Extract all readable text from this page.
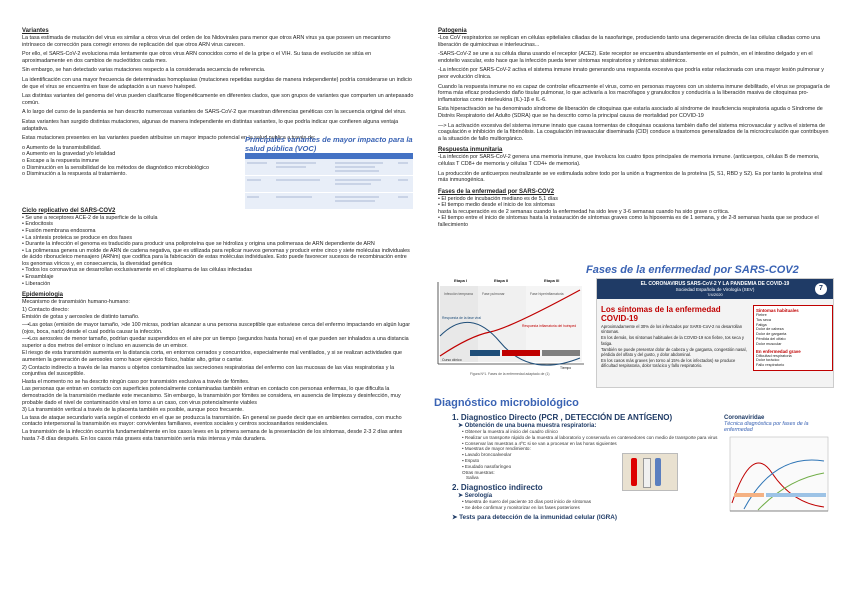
Variantes

La tasa estimada de mutación del virus es similar a otros virus del orden de los Nidovirales para menor que otros ARN virus ya que poseen un mecanismo intrínseco de corrección para corregir errores de replicación del que otros ARN virus carecen.

Por ello, el SARS-CoV-2 evoluciona más lentamente que otros virus ARN conocidos como el de la gripe o el VIH. Su tasa de evolución se sitúa en aproximadamente en dos cambios de nucleótidos cada mes.

Sin embargo, se han detectado varias mutaciones respecto a la considerada secuencia de referencia.

La identificación con una mayor frecuencia de determinadas homoplasias (mutaciones repetidas surgidas de manera independiente) podría considerarse un indicio de que el virus se encuentra en fase de adaptación a un nuevo huésped.

Las distintas variantes del genoma del virus pueden clasificarse filogenéticamente en diferentes clados, que son grupos de variantes que comparten un antepasado común.

A lo largo del curso de la pandemia se han descrito numerosas variantes de SARS-CoV-2 que muestran diferencias genéticas con la secuencia original del virus.

Estas variantes han surgido distintas mutaciones, algunas de manera independiente en distintas variantes, lo que podría indicar que confieren alguna ventaja adaptativa.

Estas mutaciones presentes en las variantes pueden atribuirse un mayor impacto potencial en la salud publica a través de:

o Aumento de la transmisibilidad.

o Aumento en la gravedad y/o letalidad

o Escape a la respuesta inmune

o Disminución en la sensibilidad de los métodos de diagnóstico microbiológico

o Disminución a la respuesta al tratamiento.

Principales variantes de mayor impacto para la salud pública (VOC)

Ciclo replicativo del SARS-COV2

• Se une a receptores ACE-2 de la superficie de la célula

• Endocitosis

• Fusión membrana endosoma

• La síntesis proteica se produce en dos fases

• Durante la infección el genoma es traducido para producir una poliproteína que se hidroliza y origina una polimerasa de ARN dependiente de ARN

• La polimerasa genera un molde de ARN de cadena negativa, que es utilizada para replicar nuevos genomas y producir entre cinco y siete moléculas individuales de ácido ribonucleico mensajero (ARNm) que codifica para la fabricación de estas moléculas individuales. Esto puede favorecer sucesos de recombinación entre los genomas víricos y, en consecuencia, la diversidad genética

• Todos los coronavirus se desarrollan exclusivamente en el citoplasma de las células infectadas

• Ensamblaje

• Liberación

Epidemiologia

Mecanismo de transmisión humano-humano:

1) Contacto directo:

Emisión de gotas y aerosoles de distinto tamaño.

—•Las gotas (emisión de mayor tamaño, >de 100 micras, podrían alcanzar a una persona susceptible que estuviese cerca del enfermo impactando en algún lugar (ojos, boca, nariz) desde el cual podría causar la infección.

—•Los aerosoles de menor tamaño, podrían quedar suspendidos en el aire por un tiempo (segundos hasta horas) en el que pueden ser inhalados a una distancia superior a dos metros del emisor o incluso en ausencia de un emisor.

El riesgo de esta transmisión aumenta en la distancia corta, en entornos cerrados y concurridos, especialmente mal ventilados, y si se realizan actividades que aumenten la generación de aerosoles como hacer ejercicio físico, hablar alto, gritar o cantar.

2) Contacto indirecto a través de las manos u objetos contaminados las secreciones respiratorias del enfermo con las mucosas de las vías respiratorias y la conjuntiva del susceptible.

Hasta el momento no se ha descrito ningún caso por transmisión exclusiva a través de fómites.

Las personas que entran en contacto con superficies potencialmente contaminadas también entran en contacto con personas enfermas, lo que dificulta la demostración de la transmisión mediante este mecanismo. Sin embargo, la transmisión por fómites se considera, en ausencia de limpieza y desinfección, muy probable dado el nivel de contaminación viral en torno a un caso, con virus potencialmente viables

3) La transmisión vertical a través de la placenta también es posible, aunque poco frecuente.

La tasa de ataque secundario varía según el contexto en el que se produzca la transmisión. En general se puede decir que en ambientes cerrados, con mucho contacto interpersonal la transmisión es mayor: convivientes familiares, eventos sociales y centros sociosanitarios residenciales.

La transmisión de la infección ocurriría fundamentalmente en los casos leves en la primera semana de la presentación de los síntomas, desde 2-3 2 días antes hasta 7-8 días después. En los casos más graves esta transmisión sería más intensa y más duradera.

Patogenia

-Los CoV respiratorios se replican en células epiteliales ciliadas de la nasofaringe, produciendo tanto una degeneración directa de las células ciliadas como una liberación de quimiocinas e interleucinas...

-SARS-CoV-2 se une a su célula diana usando el receptor (ACE2). Este receptor se encuentra abundantemente en el pulmón, en el intestino delgado y en el endotelio vascular, esto hace que la infección pueda tener síntomas respiratorios y síntomas sistémicos.

-La infección por SARS-CoV-2 activa el sistema inmune innato generando una respuesta excesiva que podría estar relacionada con una mayor lesión pulmonar y peor evolución clínica.

Cuando la respuesta inmune no es capaz de controlar eficazmente el virus, como en personas mayores con un sistema inmune debilitado, el virus se propagaría de forma más eficaz produciendo daño tisular pulmonar, lo que activaría a los macrófagos y granulocitos y conduciría a la liberación masiva de citoquinas pro-inflamatorias como interleukina (IL)-1β e IL-6.

Esta hiperactivación se ha denominado síndrome de liberación de citoquinas que estaría asociado al síndrome de insuficiencia respiratoria aguda o Síndrome de Distrés Respiratorio del Adulto (SDRA) que se ha descrito como la principal causa de mortalidad por COVID-19

—> La activación excesiva del sistema inmune innato que causa tormentas de citoquinas ocasiona también daño del sistema microvascular y activa el sistema de coagulación e inhibición de la fibrinólisis. La coagulación intravascular diseminada (CID) conduce a trastornos generalizados de la microcirculación que contribuyen a la situación de fallo multiorgánico.

Respuesta inmunitaria

-La infección por SARS-CoV-2 genera una memoria inmune, que involucra los cuatro tipos principales de memoria inmune. (anticuerpos, células B de memoria, células T CD8+ de memoria y células T CD4+ de memoria).

La producción de anticuerpos neutralizante se ve estimulada sobre todo por la unión a fragmentos de la proteína (S, S1, RBD y S2). Es por tanto la proteína viral más inmunogénica.

Fases de la enfermedad por SARS-COV2

• El periodo de incubación mediano es de 5,1 días

• El tiempo medio desde el inicio de los síntomas

hasta la recuperación es de 2 semanas cuando la enfermedad ha sido leve y 3-6 semanas cuando ha sido grave o crítica.

• El tiempo entre el inicio de síntomas hasta la instauración de síntomas graves como la hipoxemia es de 1 semana, y de 2-8 semanas hasta que se produce el fallecimiento

Fases de la enfermedad por SARS-COV2
Etapa I	Etapa II	Etapa III
Infección temprana	Fase pulmonar	Fase hiperinflamatoria
Respuesta de la fase viral
Respuesta inflamatoria del huésped
Curso clínico
Tiempo
Figura Nº1. Fases de la enfermedad adaptado de (1)
EL CORONAVIRUS SARS-CoV-2 Y LA PANDEMIA DE COVID-19
Sociedad Española de Virología (SEV)
7/4/2020
7
Los síntomas de la enfermedad COVID-19

Aproximadamente el 30% de los infectados por SARS-CoV-2 no desarrollan síntomas.

En los demás, los síntomas habituales de la COVID-19 son fiebre, tos seca y fatiga.

También se puede presentar dolor de cabeza y de garganta, congestión nasal, pérdida del olfato y del gusto, y dolor abdominal.

En los casos más graves (en torno al 15% de los infectados) se produce dificultad respiratoria, dolor torácico y fallo respiratorio.

Síntomas habituales

Fiebre

Tos seca

Fatiga

Dolor de cabeza

Dolor de garganta

Pérdida del olfato

Dolor muscular

En enfermedad grave

Dificultad respiratoria

Dolor torácico

Fallo respiratorio

Diagnóstico microbiológico
1. Diagnostico Directo (PCR , DETECCIÓN DE ANTÍGENO)
➤ Obtención de una buena muestra respiratoria:

• Obtener la muestra al inicio del cuadro clínico

• Realizar un transporte rápido de la muestra al laboratorio y conservarla en contenedores con medio de transporte para virus

• Conservar las muestras a 4ºC si se van a procesar en las horas siguientes

• Muestras de mayor rendimiento:

▪ Lavado broncoalveolar

▪ Esputo

▪ Exudado nasofaríngeo

Otras muestras:
Saliva
2. Diagnostico indirecto
➤ Serología

• Muestra de suero del paciente 10 días post inicio de síntomas

• Se debe confirmar y monitorizar en los fases posteriores

➤ Tests para detección de la inmunidad celular (IGRA)
Coronavirídae
Técnica diagnóstica por fases de la enfermedad
